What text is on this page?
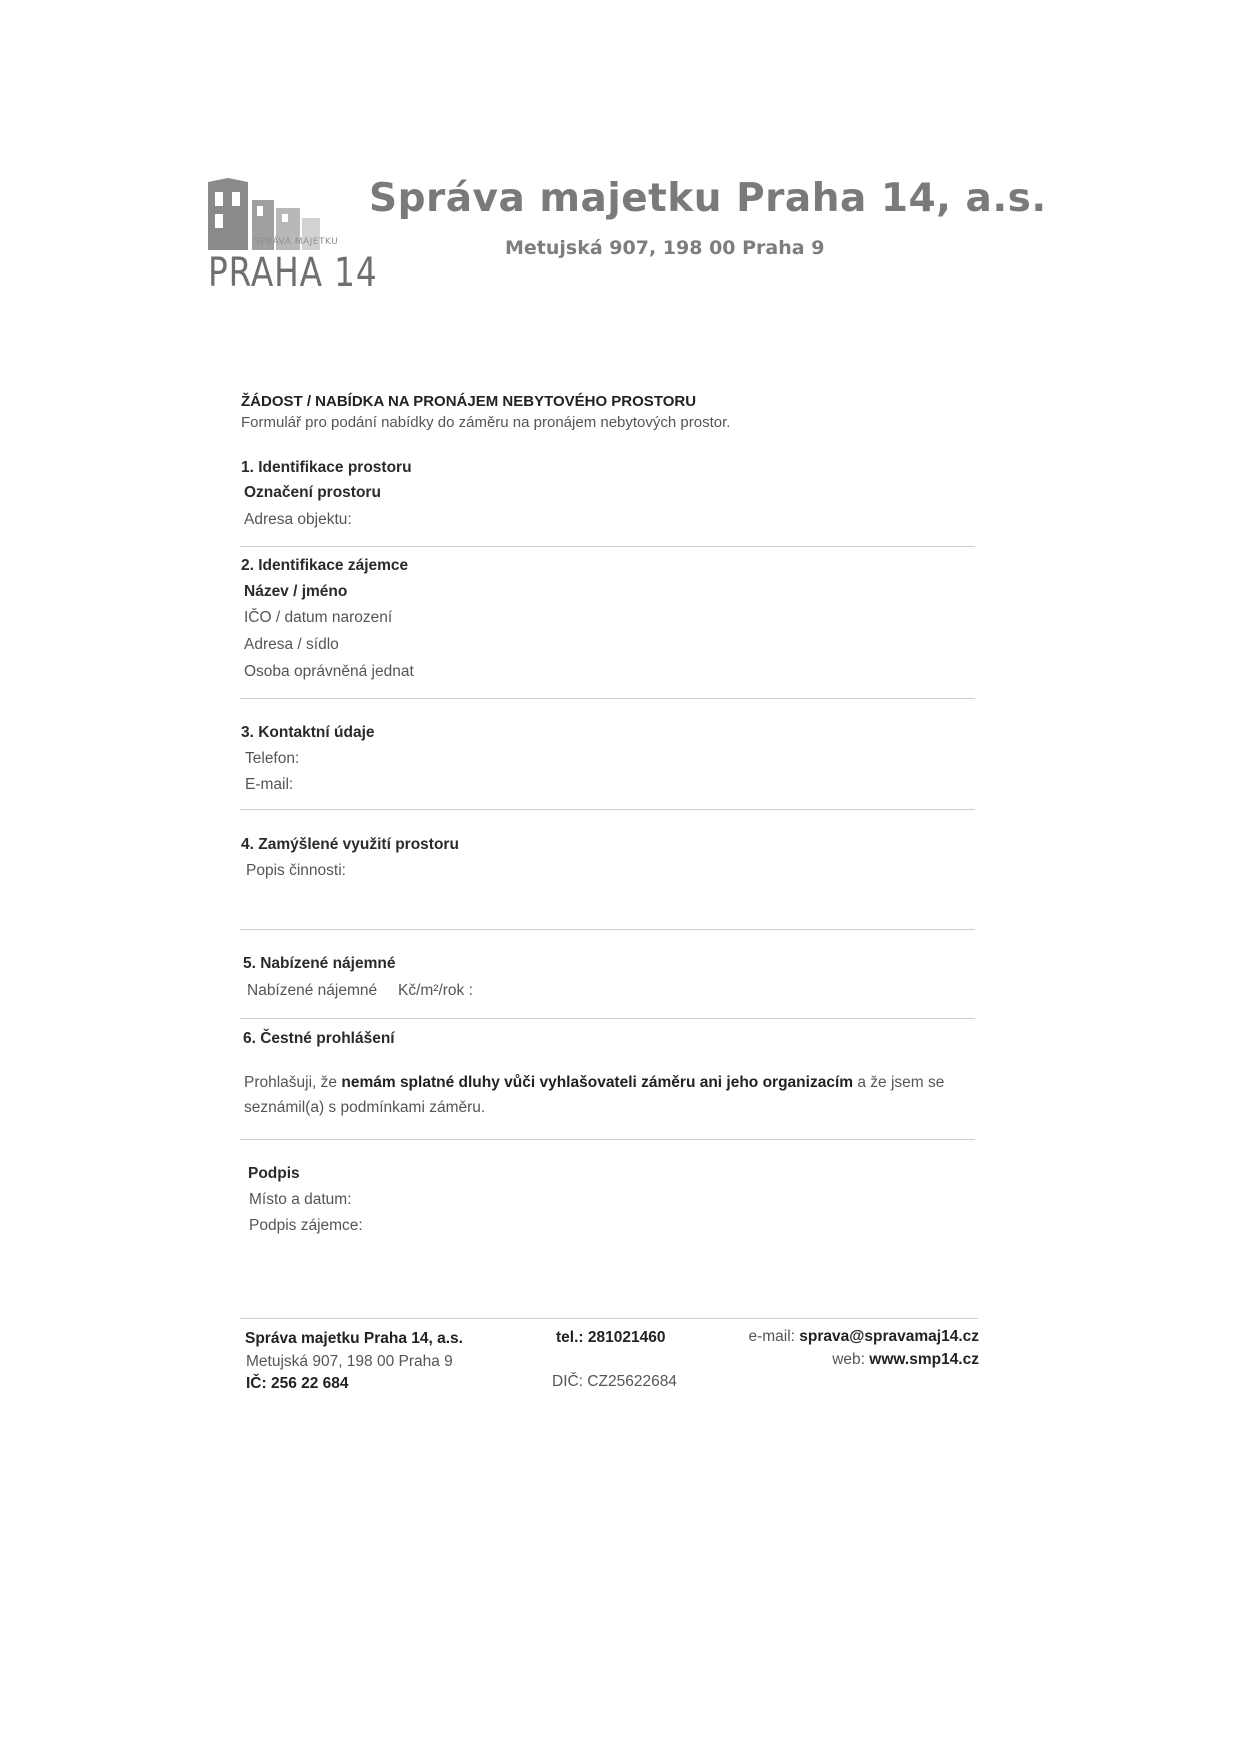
SPRÁVA MAJETKU
PRAHA 14
Správa majetku Praha 14, a.s.
Metujská 907, 198 00 Praha 9
ŽÁDOST / NABÍDKA NA PRONÁJEM NEBYTOVÉHO PROSTORU
Formulář pro podání nabídky do záměru na pronájem nebytových prostor.
1. Identifikace prostoru
Označení prostoru
Adresa objektu:
2. Identifikace zájemce
Název / jméno
IČO / datum narození
Adresa / sídlo
Osoba oprávněná jednat
3. Kontaktní údaje
Telefon:
E-mail:
4. Zamýšlené využití prostoru
Popis činnosti:
5. Nabízené nájemné
Nabízené nájemné Kč/m²/rok :
6. Čestné prohlášení
Prohlašuji, že nemám splatné dluhy vůči vyhlašovateli záměru ani jeho organizacím a že jsem se seznámil(a) s podmínkami záměru.
Podpis
Místo a datum:
Podpis zájemce:
Správa majetku Praha 14, a.s.
Metujská 907, 198 00 Praha 9
IČ: 256 22 684
tel.: 281021460
DIČ: CZ25622684
e-mail: sprava@spravamaj14.cz
web: www.smp14.cz
